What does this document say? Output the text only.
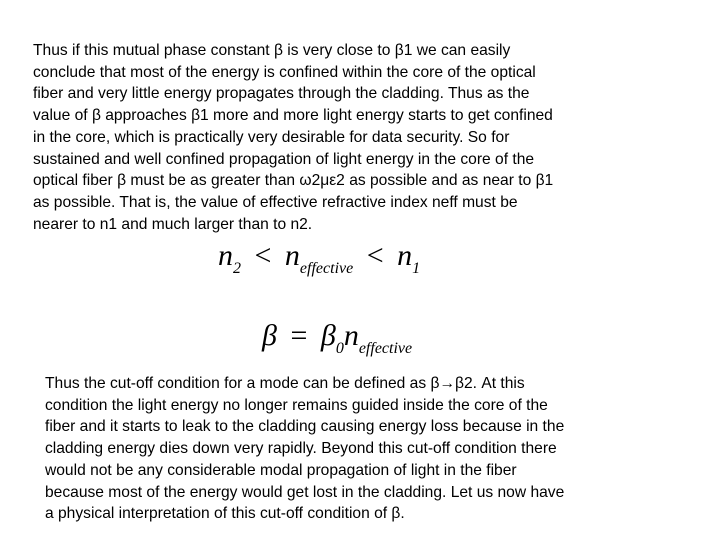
Thus if this mutual phase constant β is very close to β1 we can easily
conclude that most of the energy is confined within the core of the optical
fiber and very little energy propagates through the cladding. Thus as the
value of β approaches β1 more and more light energy starts to get confined
in the core, which is practically very desirable for data security. So for
sustained and well confined propagation of light energy in the core of the
optical fiber β must be as greater than ω2με2 as possible and as near to β1
as possible. That is, the value of effective refractive index neff must be
nearer to n1 and much larger than to n2.
$n_2 < n_{effective} < n_1$
$\beta = \beta_0n_{effective}$
Thus the cut-off condition for a mode can be defined as β→β2. At this
condition the light energy no longer remains guided inside the core of the
fiber and it starts to leak to the cladding causing energy loss because in the
cladding energy dies down very rapidly. Beyond this cut-off condition there
would not be any considerable modal propagation of light in the fiber
because most of the energy would get lost in the cladding. Let us now have
a physical interpretation of this cut-off condition of β.
